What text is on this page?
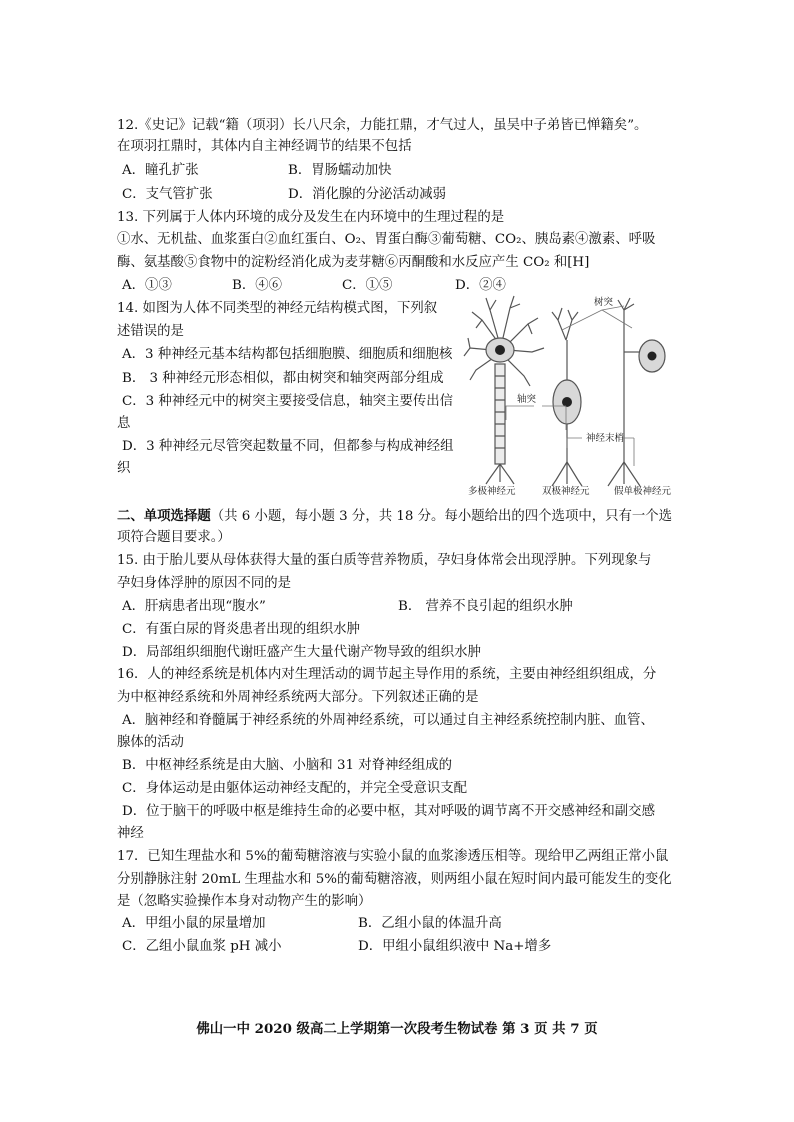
12.《史记》记载“籍（项羽）长八尺余，力能扛鼎，才气过人，虽吴中子弟皆已惮籍矣”。
在项羽扛鼎时，其体内自主神经调节的结果不包括
A．瞳孔扩张	B．胃肠蠕动加快
C．支气管扩张	D．消化腺的分泌活动减弱
13. 下列属于人体内环境的成分及发生在内环境中的生理过程的是
①水、无机盐、血浆蛋白②血红蛋白、O₂、胃蛋白酶③葡萄糖、CO₂、胰岛素④激素、呼吸
酶、氨基酸⑤食物中的淀粉经消化成为麦芽糖⑥丙酮酸和水反应产生 CO₂ 和[H]
A．①③	B．④⑥	C．①⑤	D．②④
14. 如图为人体不同类型的神经元结构模式图，下列叙
述错误的是
A．3 种神经元基本结构都包括细胞膜、细胞质和细胞核
B． 3 种神经元形态相似，都由树突和轴突两部分组成
C．3 种神经元中的树突主要接受信息，轴突主要传出信
息
D．3 种神经元尽管突起数量不同，但都参与构成神经组
织
树突
轴突
神经末梢
多极神经元	双极神经元	假单极神经元
二、单项选择题（共 6 小题，每小题 3 分，共 18 分。每小题给出的四个选项中，只有一个选
项符合题目要求。）
15. 由于胎儿要从母体获得大量的蛋白质等营养物质，孕妇身体常会出现浮肿。下列现象与
孕妇身体浮肿的原因不同的是
A．肝病患者出现“腹水”	B． 营养不良引起的组织水肿
C．有蛋白尿的肾炎患者出现的组织水肿
D．局部组织细胞代谢旺盛产生大量代谢产物导致的组织水肿
16．人的神经系统是机体内对生理活动的调节起主导作用的系统，主要由神经组织组成，分
为中枢神经系统和外周神经系统两大部分。下列叙述正确的是
A．脑神经和脊髓属于神经系统的外周神经系统，可以通过自主神经系统控制内脏、血管、
腺体的活动
B．中枢神经系统是由大脑、小脑和 31 对脊神经组成的
C．身体运动是由躯体运动神经支配的，并完全受意识支配
D．位于脑干的呼吸中枢是维持生命的必要中枢，其对呼吸的调节离不开交感神经和副交感
神经
17．已知生理盐水和 5%的葡萄糖溶液与实验小鼠的血浆渗透压相等。现给甲乙两组正常小鼠
分别静脉注射 20mL 生理盐水和 5%的葡萄糖溶液，则两组小鼠在短时间内最可能发生的变化
是（忽略实验操作本身对动物产生的影响）
A．甲组小鼠的尿量增加	B．乙组小鼠的体温升高
C．乙组小鼠血浆 pH 减小	D．甲组小鼠组织液中 Na+增多
佛山一中 2020 级高二上学期第一次段考生物试卷 第 3 页 共 7 页
